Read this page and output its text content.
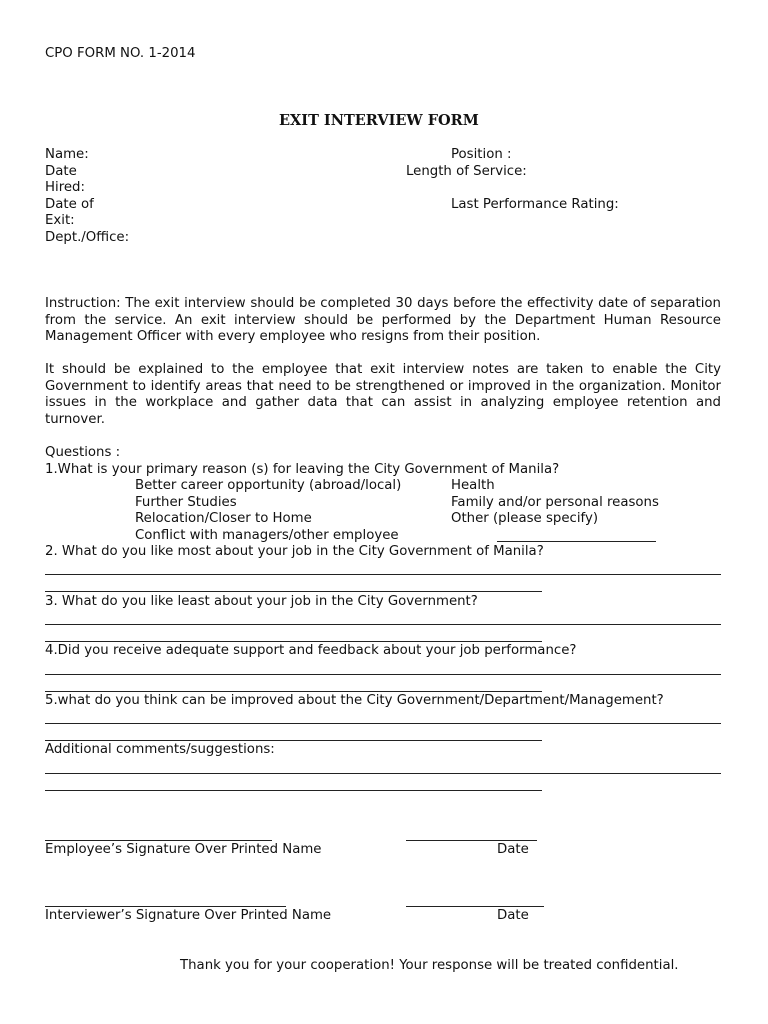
CPO FORM NO. 1-2014
EXIT INTERVIEW FORM
Name:
Date
Hired:
Date of
Exit:
Dept./Office:
Position :
Length of Service:
Last Performance Rating:
Instruction: The exit interview should be completed 30 days before the effectivity date of separation from the service. An exit interview should be performed by the Department Human Resource Management Officer with every employee who resigns from their position.
It should be explained to the employee that exit interview notes are taken to enable the City Government to identify areas that need to be strengthened or improved in the organization. Monitor issues in the workplace and gather data that can assist in analyzing employee retention and turnover.
Questions :
1.What is your primary reason (s) for leaving the City Government of Manila?
Better career opportunity (abroad/local)
Further Studies
Relocation/Closer to Home
Conflict with managers/other employee
Health
Family and/or personal reasons
Other (please specify)
2. What do you like most about your job in the City Government of Manila?
3. What do you like least about your job in the City Government?
4.Did you receive adequate support and feedback about your job performance?
5.what do you think can be improved about the City Government/Department/Management?
Additional comments/suggestions:
Employee’s Signature Over Printed Name	Date
Interviewer’s Signature Over Printed Name	Date
Thank you for your cooperation! Your response will be treated confidential.
